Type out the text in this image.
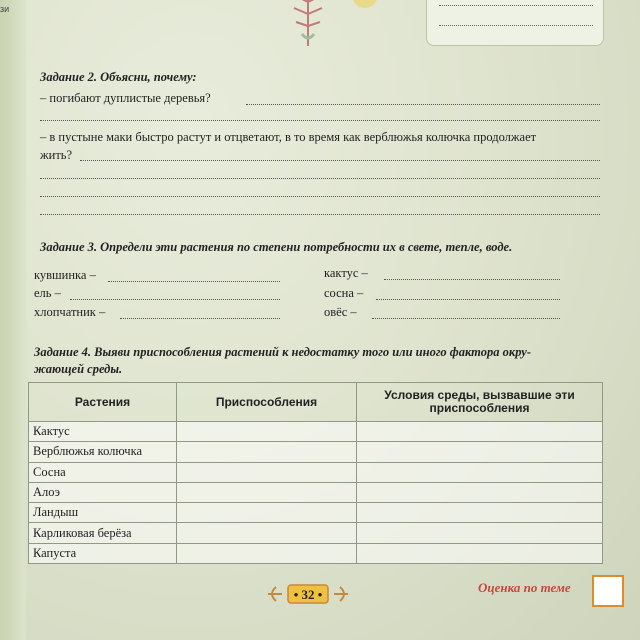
зи
Задание 2. Объясни, почему:
– погибают дуплистые деревья?
– в пустыне маки быстро растут и отцветают, в то время как верблюжья колючка продолжает
жить?
Задание 3. Определи эти растения по степени потребности их в свете, тепле, воде.
кувшинка –
ель –
хлопчатник –
кактус –
сосна –
овёс –
Задание 4. Выяви приспособления растений к недостатку того или иного фактора окру-
жающей среды.
Растения	Приспособления	Условия среды, вызвавшие эти приспособления
Кактус		
Верблюжья колючка		
Сосна		
Алоэ		
Ландыш		
Карликовая берёза		
Капуста		
• 32 •	Оценка по теме
